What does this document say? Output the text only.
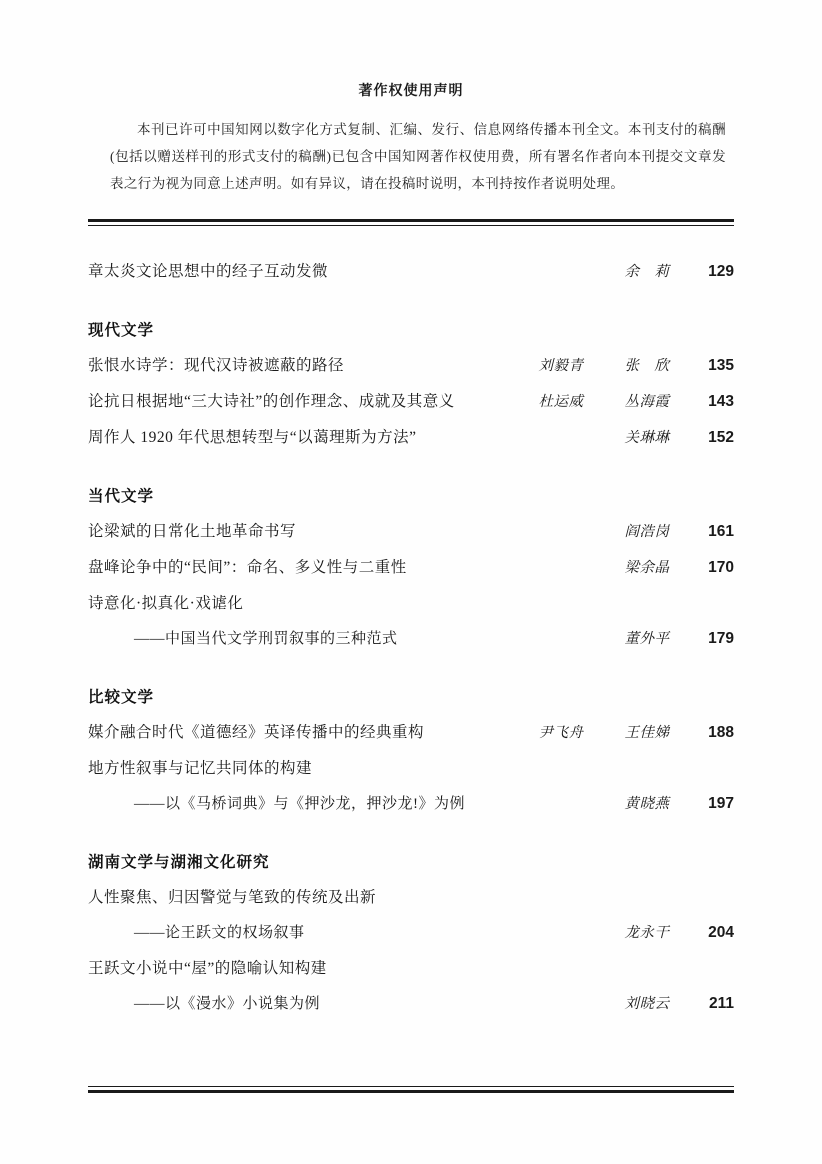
著作权使用声明

本刊已许可中国知网以数字化方式复制、汇编、发行、信息网络传播本刊全文。本刊支付的稿酬(包括以赠送样刊的形式支付的稿酬)已包含中国知网著作权使用费，所有署名作者向本刊提交文章发表之行为视为同意上述声明。如有异议，请在投稿时说明，本刊持按作者说明处理。

章太炎文论思想中的经子互动发微	余　莉	129
现代文学
张恨水诗学：现代汉诗被遮蔽的路径	刘毅青	张　欣	135
论抗日根据地“三大诗社”的创作理念、成就及其意义	杜运威	丛海霞	143
周作人 1920 年代思想转型与“以蔼理斯为方法”	关琳琳	152
当代文学
论梁斌的日常化土地革命书写	阎浩岗	161
盘峰论争中的“民间”：命名、多义性与二重性	梁余晶	170
诗意化·拟真化·戏谑化
——中国当代文学刑罚叙事的三种范式	董外平	179
比较文学
媒介融合时代《道德经》英译传播中的经典重构	尹飞舟	王佳娣	188
地方性叙事与记忆共同体的构建
——以《马桥词典》与《押沙龙，押沙龙!》为例	黄晓燕	197
湖南文学与湖湘文化研究
人性聚焦、归因警觉与笔致的传统及出新
——论王跃文的权场叙事	龙永干	204
王跃文小说中“屋”的隐喻认知构建
——以《漫水》小说集为例	刘晓云	211
